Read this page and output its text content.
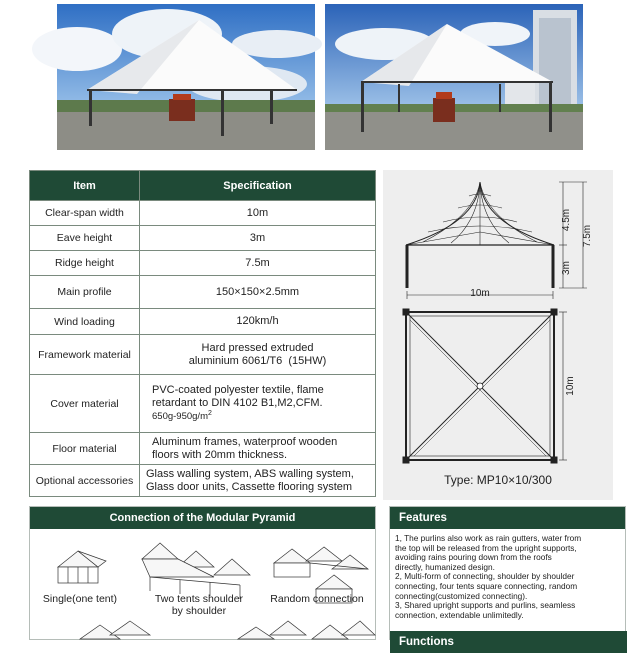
Item	Specification
Clear-span width	10m
Eave height	3m
Ridge height	7.5m
Main profile	150×150×2.5mm
Wind loading	120km/h
Framework material	Hard pressed extruded
aluminium 6061/T6  (15HW)

Cover material	PVC-coated polyester textile, flame
retardant to DIN 4102 B1,M2,CFM.
$650g-950g/m^2$

Floor material	Aluminum frames, waterproof wooden
floors with 20mm thickness.

Optional accessories	Glass walling system, ABS walling system,
Glass door units, Cassette flooring system
4.5m
7.5m
3m
10m
10m
Type: MP10×10/300
Connection of the Modular Pyramid
Single(one tent)	Two tents shoulder
by shoulder
Random connection
Features
1, The purlins also work as rain gutters, water from
the top will be released from the upright supports,
avoiding rains pouring down from the roofs
directly, humanized design.
2, Multi-form of connecting, shoulder by shoulder
connecting, four tents square connecting, random
connecting(customized connecting).
3, Shared upright supports and purlins, seamless
connection, extendable unlimitedly.
Functions
